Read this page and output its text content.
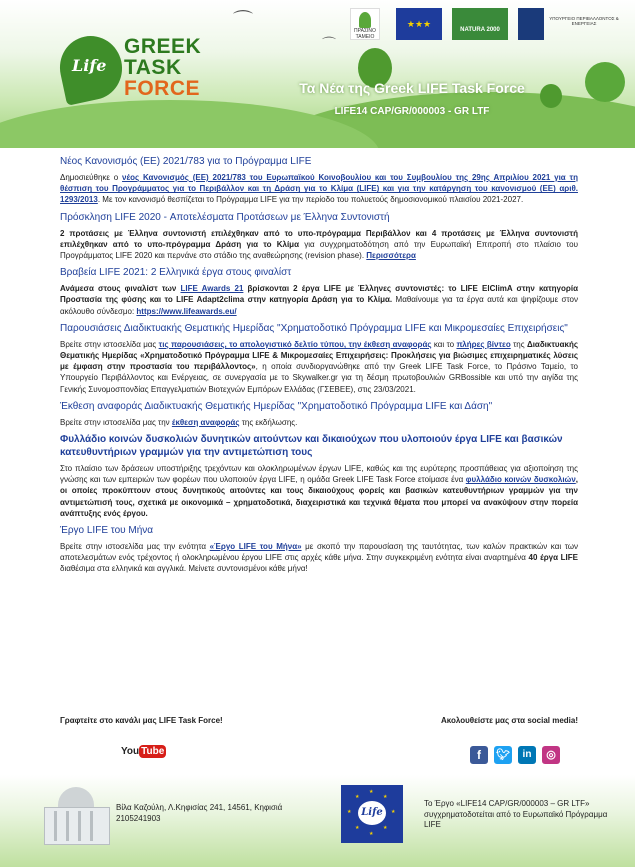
⌒
⌒
Life
GREEK
TASK
FORCE
ΠΡΑΣΙΝΟ ΤΑΜΕΙΟ
★★★
NATURA 2000
ΥΠΟΥΡΓΕΙΟ ΠΕΡΙΒΑΛΛΟΝΤΟΣ & ΕΝΕΡΓΕΙΑΣ
Τα Νέα της Greek LIFE Task Force
LIFE14 CAP/GR/000003 - GR LTF
Νέος Κανονισμός (ΕΕ) 2021/783 για το Πρόγραμμα LIFE

Δημοσιεύθηκε ο νέος Κανονισμός (ΕΕ) 2021/783 του Ευρωπαϊκού Κοινοβουλίου και του Συμβουλίου της 29ης Απριλίου 2021 για τη θέσπιση του Προγράμματος για το Περιβάλλον και τη Δράση για το Κλίμα (LIFE) και για την κατάργηση του κανονισμού (ΕΕ) αριθ. 1293/2013. Με τον κανονισμό θεσπίζεται το Πρόγραμμα LIFE για την περίοδο του πολυετούς δημοσιονομικού πλαισίου 2021-2027.

Πρόσκληση LIFE 2020 - Αποτελέσματα Προτάσεων με Έλληνα Συντονιστή

2 προτάσεις με Έλληνα συντονιστή επιλέχθηκαν από το υπο-πρόγραμμα Περιβάλλον και 4 προτάσεις με Έλληνα συντονιστή επιλέχθηκαν από το υπο-πρόγραμμα Δράση για το Κλίμα για συγχρηματοδότηση από την Ευρωπαϊκή Επιτροπή στο πλαίσιο του Προγράμματος LIFE 2020 και περνάνε στο στάδιο της αναθεώρησης (revision phase). Περισσότερα

Βραβεία LIFE 2021: 2 Ελληνικά έργα στους φιναλίστ

Ανάμεσα στους φιναλίστ των LIFE Awards 21 βρίσκονται 2 έργα LIFE με Έλληνες συντονιστές: το LIFE ElClimA στην κατηγορία Προστασία της φύσης και το LIFE Adapt2clima στην κατηγορία Δράση για το Κλίμα. Μαθαίνουμε για τα έργα αυτά και ψηφίζουμε στον ακόλουθο σύνδεσμο: https://www.lifeawards.eu/

Παρουσιάσεις Διαδικτυακής Θεματικής Ημερίδας "Χρηματοδοτικό Πρόγραμμα LIFE και Μικρομεσαίες Επιχειρήσεις"

Βρείτε στην ιστοσελίδα μας τις παρουσιάσεις, το απολογιστικό δελτίο τύπου, την έκθεση αναφοράς και το πλήρες βίντεο της Διαδικτυακής Θεματικής Ημερίδας «Χρηματοδοτικό Πρόγραμμα LIFE & Μικρομεσαίες Επιχειρήσεις: Προκλήσεις για βιώσιμες επιχειρηματικές λύσεις με έμφαση στην προστασία του περιβάλλοντος», η οποία συνδιοργανώθηκε από την Greek LIFE Task Force, το Πράσινο Ταμείο, το Υπουργείο Περιβάλλοντος και Ενέργειας, σε συνεργασία με το Skywalker.gr για τη δέσμη πρωτοβουλιών GRBossible και υπό την αιγίδα της Γενικής Συνομοσπονδίας Επαγγελματιών Βιοτεχνών Εμπόρων Ελλάδας (ΓΣΕΒΕΕ), στις 23/03/2021.

Έκθεση αναφοράς Διαδικτυακής Θεματικής Ημερίδας "Χρηματοδοτικό Πρόγραμμα LIFE και Δάση"

Βρείτε στην ιστοσελίδα μας την έκθεση αναφοράς της εκδήλωσης.

Φυλλάδιο κοινών δυσκολιών δυνητικών αιτούντων και δικαιούχων που υλοποιούν έργα LIFE και βασικών κατευθυντήριων γραμμών για την αντιμετώπιση τους

Στο πλαίσιο των δράσεων υποστήριξης τρεχόντων και ολοκληρωμένων έργων LIFE, καθώς και της ευρύτερης προσπάθειας για αξιοποίηση της γνώσης και των εμπειριών των φορέων που υλοποιούν έργα LIFE, η ομάδα Greek LIFE Task Force ετοίμασε ένα φυλλάδιο κοινών δυσκολιών, οι οποίες προκύπτουν στους δυνητικούς αιτούντες και τους δικαιούχους φορείς και βασικών κατευθυντήριων γραμμών για την αντιμετώπισή τους, σχετικά με οικονομικά – χρηματοδοτικά, διαχειριστικά και τεχνικά θέματα που μπορεί να ανακύψουν στην πορεία ανάπτυξης ενός έργου.

Έργο LIFE του Μήνα

Βρείτε στην ιστοσελίδα μας την ενότητα «Έργο LIFE του Μήνα» με σκοπό την παρουσίαση της ταυτότητας, των καλών πρακτικών και των αποτελεσμάτων ενός τρέχοντος ή ολοκληρωμένου έργου LIFE στις αρχές κάθε μήνα. Στην συγκεκριμένη ενότητα είναι αναρτημένα 40 έργα LIFE διαθέσιμα στα ελληνικά και αγγλικά. Μείνετε συντονισμένοι κάθε μήνα!

Γραφτείτε στο κανάλι μας LIFE Task Force!	Ακολουθείστε μας στα social media!
You Tube	f	🐦︎	in	◎
Βίλα Καζούλη, Λ.Κηφισίας 241, 14561, Κηφισιά
2105241903
★
★
★
★
★
★
★
★
Life
Το Έργο «LIFE14 CAP/GR/000003 – GR LTF» συγχρηματοδοτείται από το Ευρωπαϊκό Πρόγραμμα LIFE
